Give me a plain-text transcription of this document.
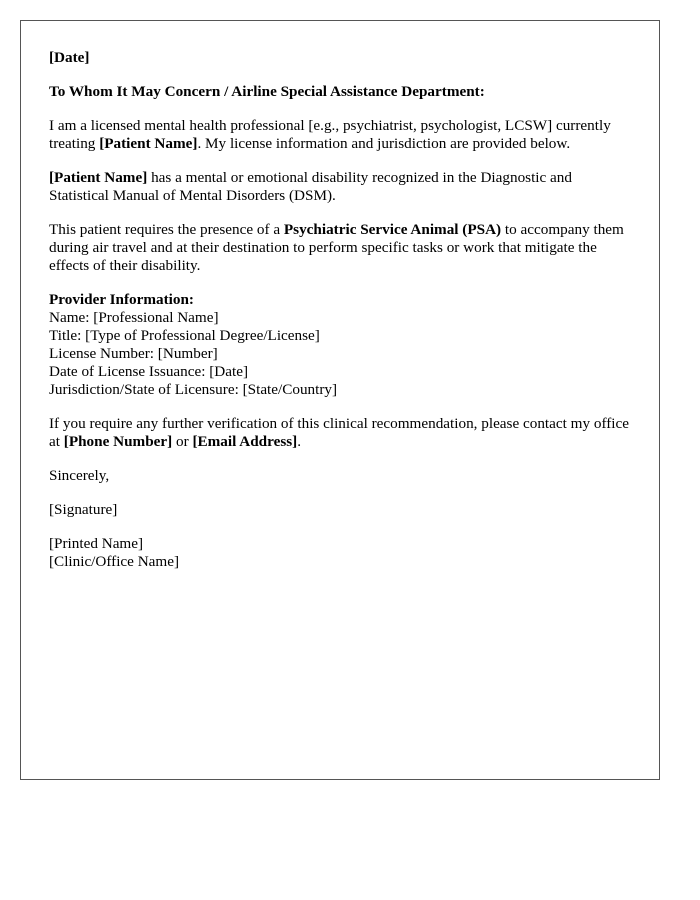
[Date]

To Whom It May Concern / Airline Special Assistance Department:

I am a licensed mental health professional [e.g., psychiatrist, psychologist, LCSW] currently treating [Patient Name]. My license information and jurisdiction are provided below.

[Patient Name] has a mental or emotional disability recognized in the Diagnostic and Statistical Manual of Mental Disorders (DSM).

This patient requires the presence of a Psychiatric Service Animal (PSA) to accompany them during air travel and at their destination to perform specific tasks or work that mitigate the effects of their disability.

Provider Information:
Name: [Professional Name]
Title: [Type of Professional Degree/License]
License Number: [Number]
Date of License Issuance: [Date]
Jurisdiction/State of Licensure: [State/Country]

If you require any further verification of this clinical recommendation, please contact my office at [Phone Number] or [Email Address].

Sincerely,

[Signature]

[Printed Name]
[Clinic/Office Name]
